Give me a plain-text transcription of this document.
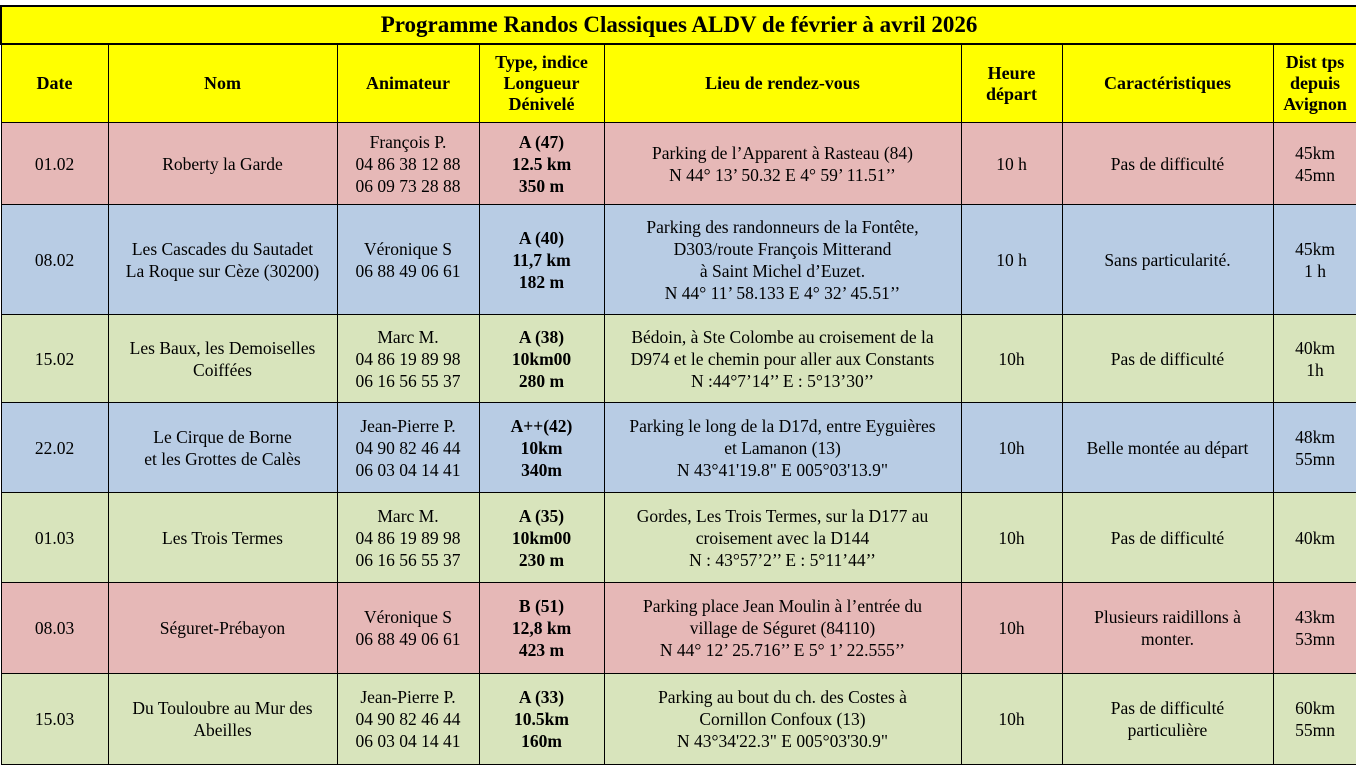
Programme Randos Classiques ALDV de février à avril 2026							

Date	Nom	Animateur	Type, indice
Longueur
Dénivelé	Lieu de rendez-vous	Heure
départ	Caractéristiques	Dist tps
depuis
Avignon

01.02	Roberty la Garde	François P.
04 86 38 12 88
06 09 73 28 88	A (47)
12.5 km
350 m	Parking de l’Apparent à Rasteau (84)
N 44° 13’ 50.32 E 4° 59’ 11.51’’	10 h	Pas de difficulté	45km
45mn

08.02	Les Cascades du Sautadet
La Roque sur Cèze (30200)	Véronique S
06 88 49 06 61	A (40)
11,7 km
182 m	Parking des randonneurs de la Fontête,
D303/route François Mitterand
à Saint Michel d’Euzet.
N 44° 11’ 58.133 E 4° 32’ 45.51’’	10 h	Sans particularité.	45km
1 h

15.02	Les Baux, les Demoiselles
Coiffées	Marc M.
04 86 19 89 98
06 16 56 55 37	A (38)
10km00
280 m	Bédoin, à Ste Colombe au croisement de la
D974 et le chemin pour aller aux Constants
N :44°7’14’’ E : 5°13’30’’	10h	Pas de difficulté	40km
1h

22.02	Le Cirque de Borne
et les Grottes de Calès	Jean-Pierre P.
04 90 82 46 44
06 03 04 14 41	A++(42)
10km
340m	Parking le long de la D17d, entre Eyguières
et Lamanon (13)
N 43°41'19.8" E 005°03'13.9"	10h	Belle montée au départ	48km
55mn

01.03	Les Trois Termes	Marc M.
04 86 19 89 98
06 16 56 55 37	A (35)
10km00
230 m	Gordes, Les Trois Termes, sur la D177 au
croisement avec la D144
N : 43°57’2’’ E : 5°11’44’’	10h	Pas de difficulté	40km

08.03	Séguret-Prébayon	Véronique S
06 88 49 06 61	B (51)
12,8 km
423 m	Parking place Jean Moulin à l’entrée du
village de Séguret (84110)
N 44° 12’ 25.716’’ E 5° 1’ 22.555’’	10h	Plusieurs raidillons à
monter.	43km
53mn

15.03	Du Touloubre au Mur des
Abeilles	Jean-Pierre P.
04 90 82 46 44
06 03 04 14 41	A (33)
10.5km
160m	Parking au bout du ch. des Costes à
Cornillon Confoux (13)
N 43°34'22.3" E 005°03'30.9"	10h	Pas de difficulté
particulière	60km
55mn
